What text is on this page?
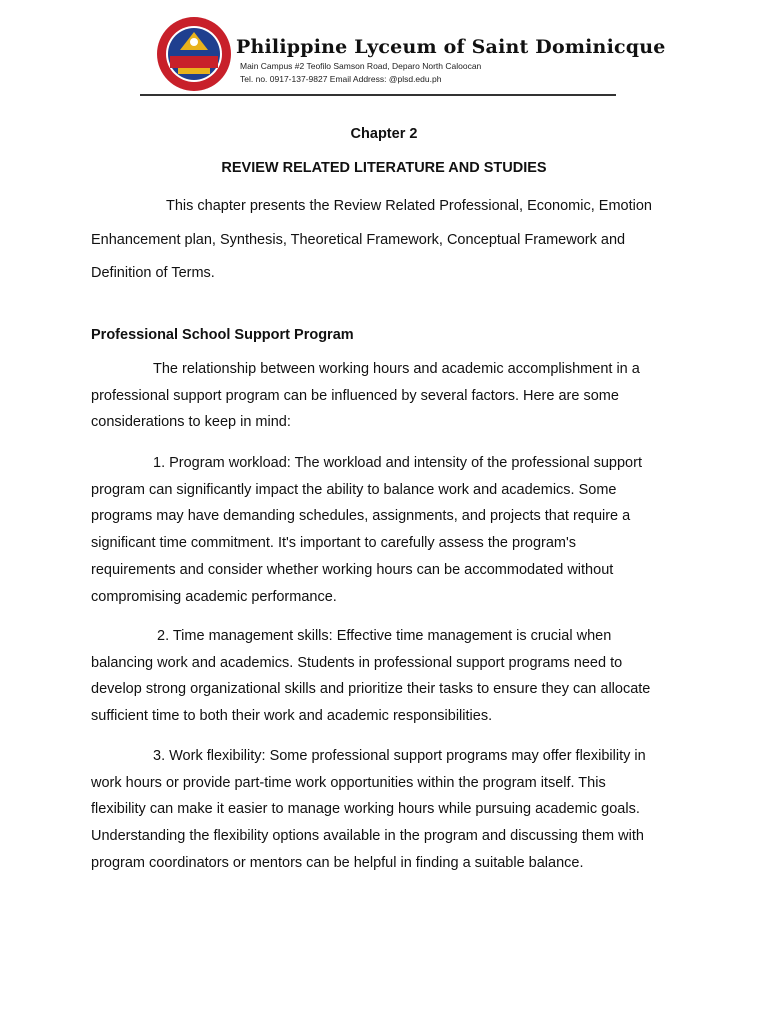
Philippine Lyceum of Saint Dominicque
Main Campus #2 Teofilo Samson Road, Deparo North Caloocan
Tel. no. 0917-137-9827 Email Address: @plsd.edu.ph
Chapter 2
REVIEW RELATED LITERATURE AND STUDIES
This chapter presents the Review Related Professional, Economic, Emotion
Enhancement plan, Synthesis, Theoretical Framework, Conceptual Framework and
Definition of Terms.
Professional School Support Program
The relationship between working hours and academic accomplishment in a
professional support program can be influenced by several factors. Here are some
considerations to keep in mind:
1. Program workload: The workload and intensity of the professional support
program can significantly impact the ability to balance work and academics. Some
programs may have demanding schedules, assignments, and projects that require a
significant time commitment. It's important to carefully assess the program's
requirements and consider whether working hours can be accommodated without
compromising academic performance.
2. Time management skills: Effective time management is crucial when
balancing work and academics. Students in professional support programs need to
develop strong organizational skills and prioritize their tasks to ensure they can allocate
sufficient time to both their work and academic responsibilities.
3. Work flexibility: Some professional support programs may offer flexibility in
work hours or provide part-time work opportunities within the program itself. This
flexibility can make it easier to manage working hours while pursuing academic goals.
Understanding the flexibility options available in the program and discussing them with
program coordinators or mentors can be helpful in finding a suitable balance.
